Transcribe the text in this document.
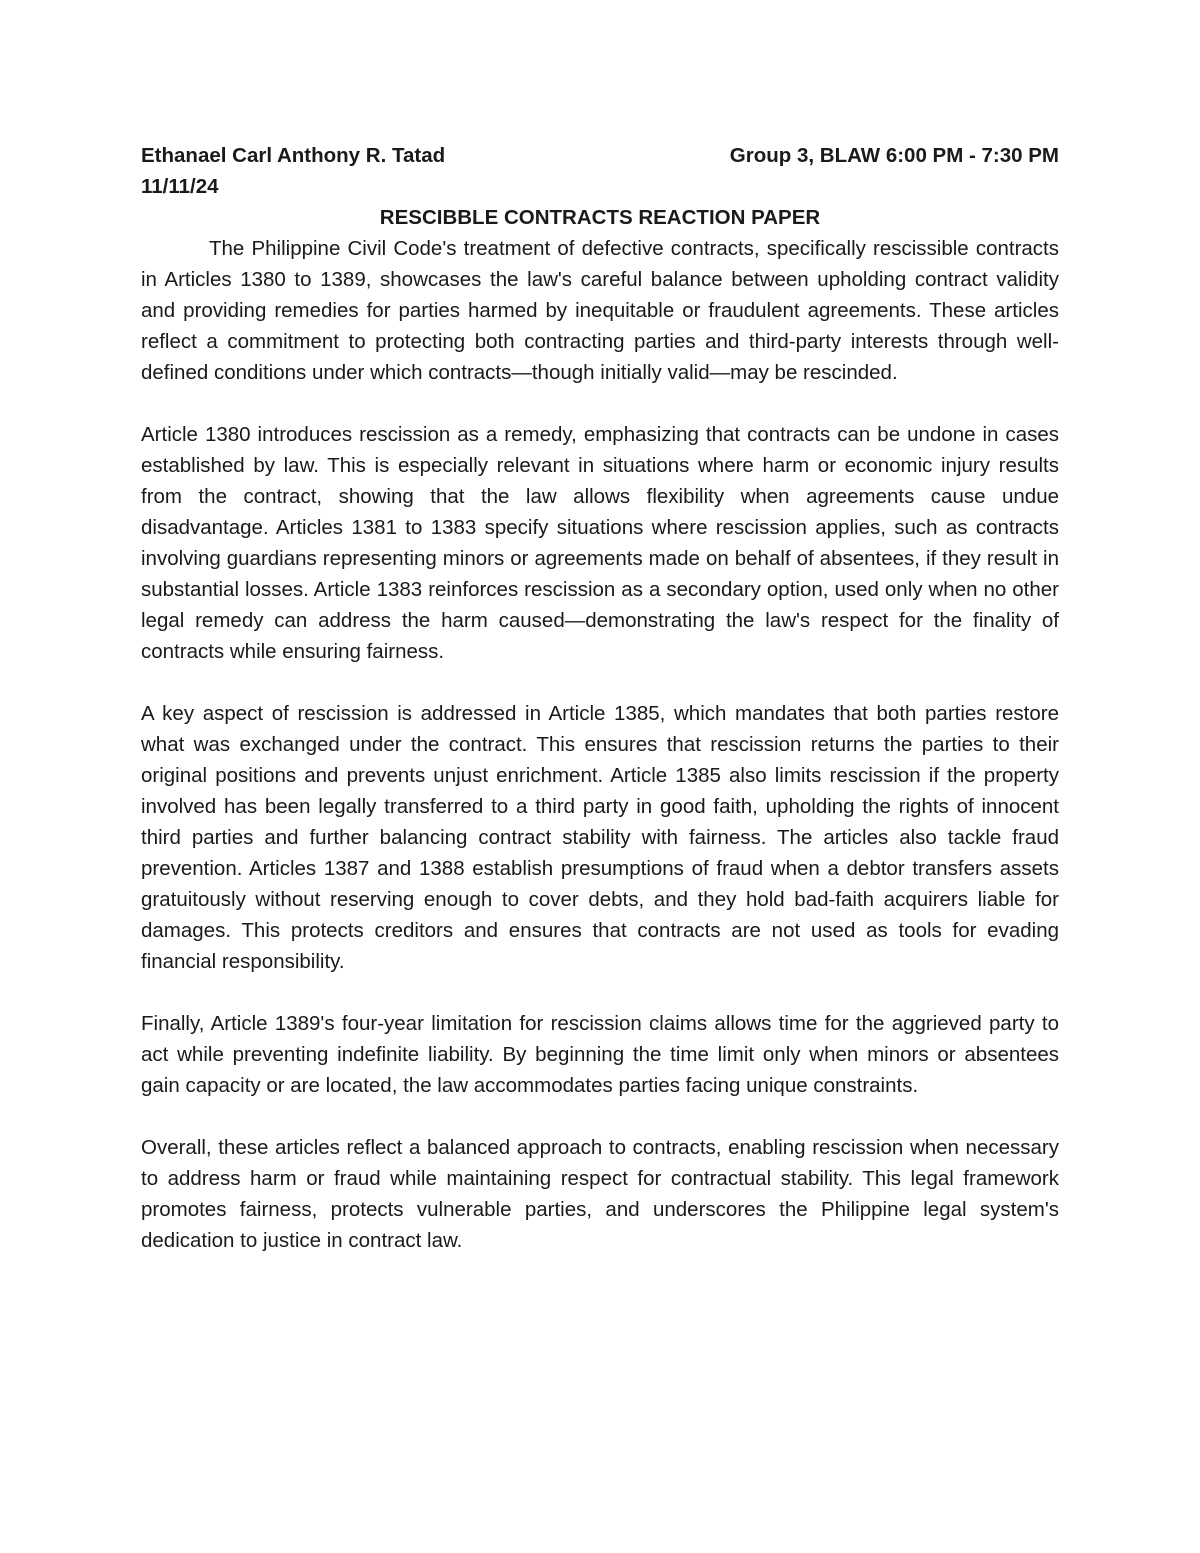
Ethanael Carl Anthony R. Tatad	Group 3, BLAW 6:00 PM - 7:30 PM
11/11/24
RESCIBBLE CONTRACTS REACTION PAPER

The Philippine Civil Code's treatment of defective contracts, specifically rescissible contracts in Articles 1380 to 1389, showcases the law's careful balance between upholding contract validity and providing remedies for parties harmed by inequitable or fraudulent agreements. These articles reflect a commitment to protecting both contracting parties and third-party interests through well-defined conditions under which contracts—though initially valid—may be rescinded.

Article 1380 introduces rescission as a remedy, emphasizing that contracts can be undone in cases established by law. This is especially relevant in situations where harm or economic injury results from the contract, showing that the law allows flexibility when agreements cause undue disadvantage. Articles 1381 to 1383 specify situations where rescission applies, such as contracts involving guardians representing minors or agreements made on behalf of absentees, if they result in substantial losses. Article 1383 reinforces rescission as a secondary option, used only when no other legal remedy can address the harm caused—demonstrating the law's respect for the finality of contracts while ensuring fairness.

A key aspect of rescission is addressed in Article 1385, which mandates that both parties restore what was exchanged under the contract. This ensures that rescission returns the parties to their original positions and prevents unjust enrichment. Article 1385 also limits rescission if the property involved has been legally transferred to a third party in good faith, upholding the rights of innocent third parties and further balancing contract stability with fairness. The articles also tackle fraud prevention. Articles 1387 and 1388 establish presumptions of fraud when a debtor transfers assets gratuitously without reserving enough to cover debts, and they hold bad-faith acquirers liable for damages. This protects creditors and ensures that contracts are not used as tools for evading financial responsibility.

Finally, Article 1389's four-year limitation for rescission claims allows time for the aggrieved party to act while preventing indefinite liability. By beginning the time limit only when minors or absentees gain capacity or are located, the law accommodates parties facing unique constraints.

Overall, these articles reflect a balanced approach to contracts, enabling rescission when necessary to address harm or fraud while maintaining respect for contractual stability. This legal framework promotes fairness, protects vulnerable parties, and underscores the Philippine legal system's dedication to justice in contract law.
